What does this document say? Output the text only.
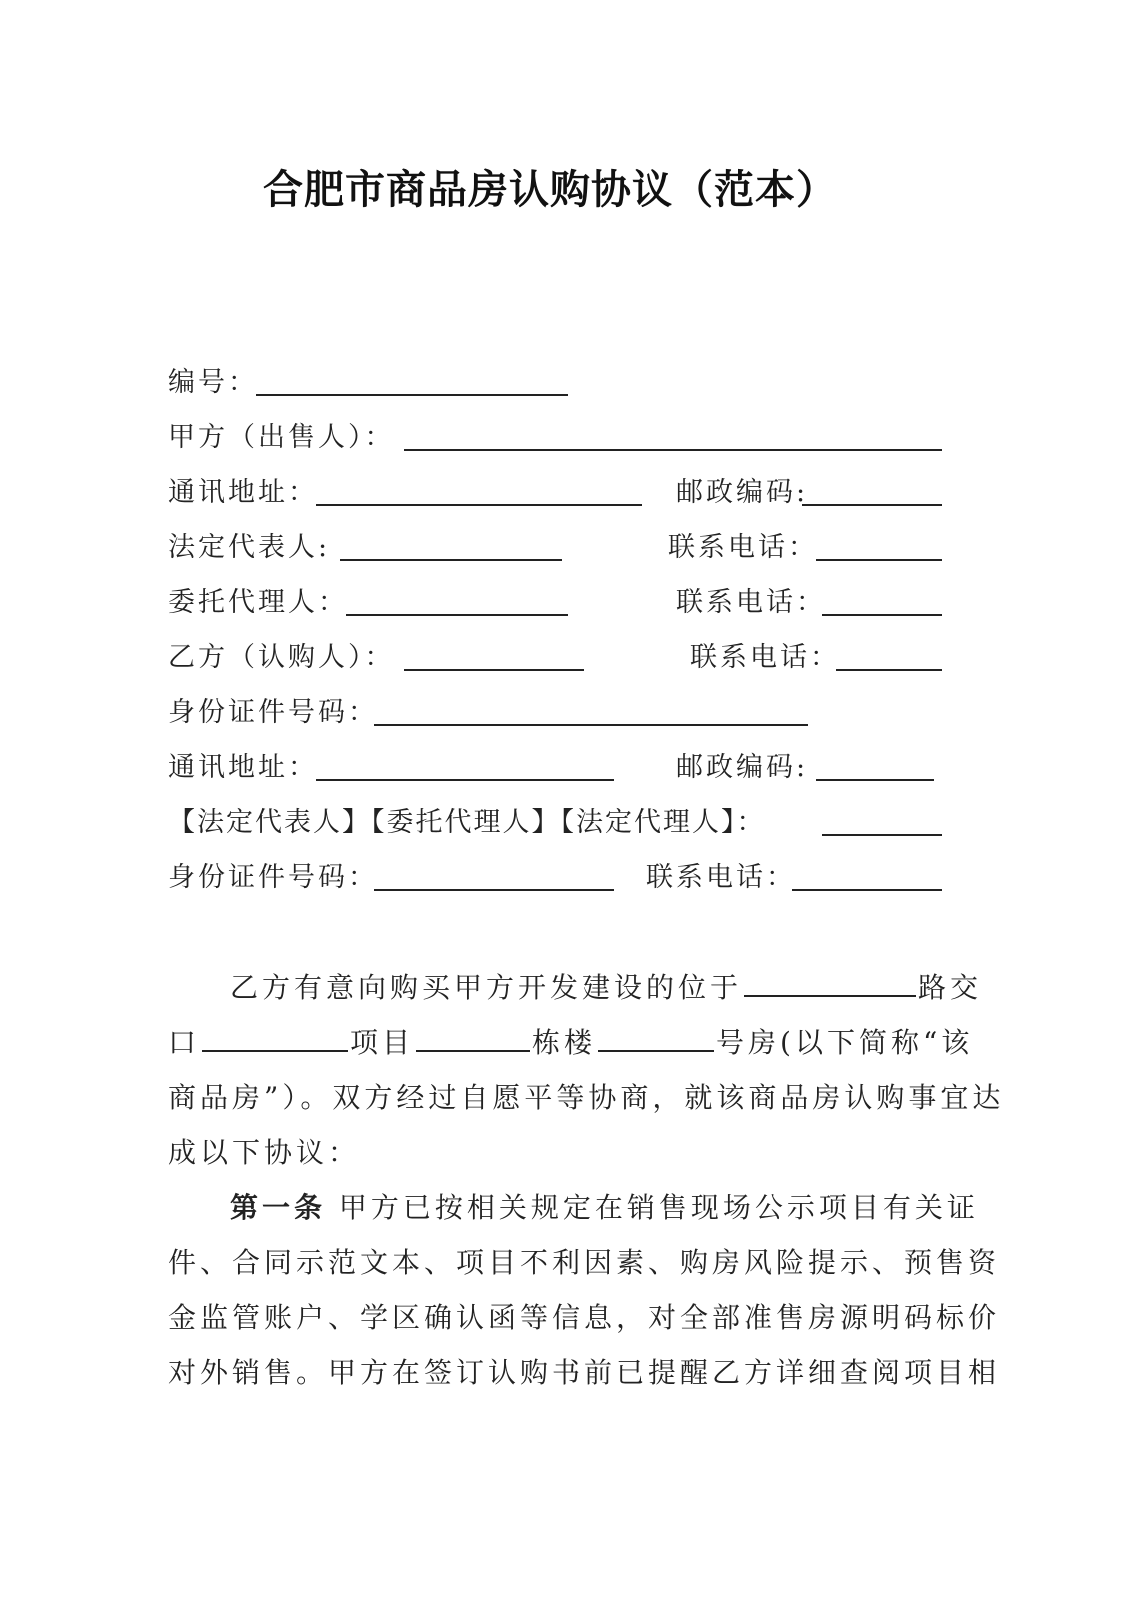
合肥市商品房认购协议（范本）
编号：
甲方（出售人）：
通讯地址：	邮政编码:
法定代表人:	联系电话：
委托代理人：	联系电话：
乙方（认购人）：	联系电话：
身份证件号码：
通讯地址：	邮政编码:
【法定代表人】【委托代理人】【法定代理人】：
身份证件号码：	联系电话：
乙方有意向购买甲方开发建设的位于	路交
口	项目	栋楼	号房(以下简称“该
商品房”）。双方经过自愿平等协商，就该商品房认购事宜达
成以下协议：
第一条 甲方已按相关规定在销售现场公示项目有关证
件、合同示范文本、项目不利因素、购房风险提示、预售资
金监管账户、学区确认函等信息，对全部准售房源明码标价
对外销售。甲方在签订认购书前已提醒乙方详细查阅项目相
